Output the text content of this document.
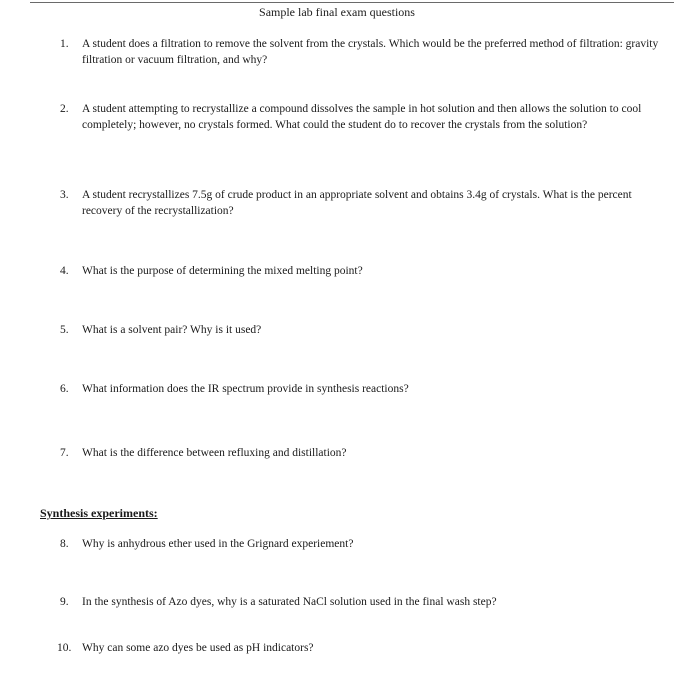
Sample lab final exam questions
1.	A student does a filtration to remove the solvent from the crystals. Which would be the preferred method of filtration: gravity filtration or vacuum filtration, and why?
2.	A student attempting to recrystallize a compound dissolves the sample in hot solution and then allows the solution to cool completely; however, no crystals formed. What could the student do to recover the crystals from the solution?
3.	A student recrystallizes 7.5g of crude product in an appropriate solvent and obtains 3.4g of crystals. What is the percent recovery of the recrystallization?
4.	What is the purpose of determining the mixed melting point?
5.	What is a solvent pair? Why is it used?
6.	What information does the IR spectrum provide in synthesis reactions?
7.	What is the difference between refluxing and distillation?
Synthesis experiments:
8.	Why is anhydrous ether used in the Grignard experiement?
9.	In the synthesis of Azo dyes, why is a saturated NaCl solution used in the final wash step?
10. Why can some azo dyes be used as pH indicators?
